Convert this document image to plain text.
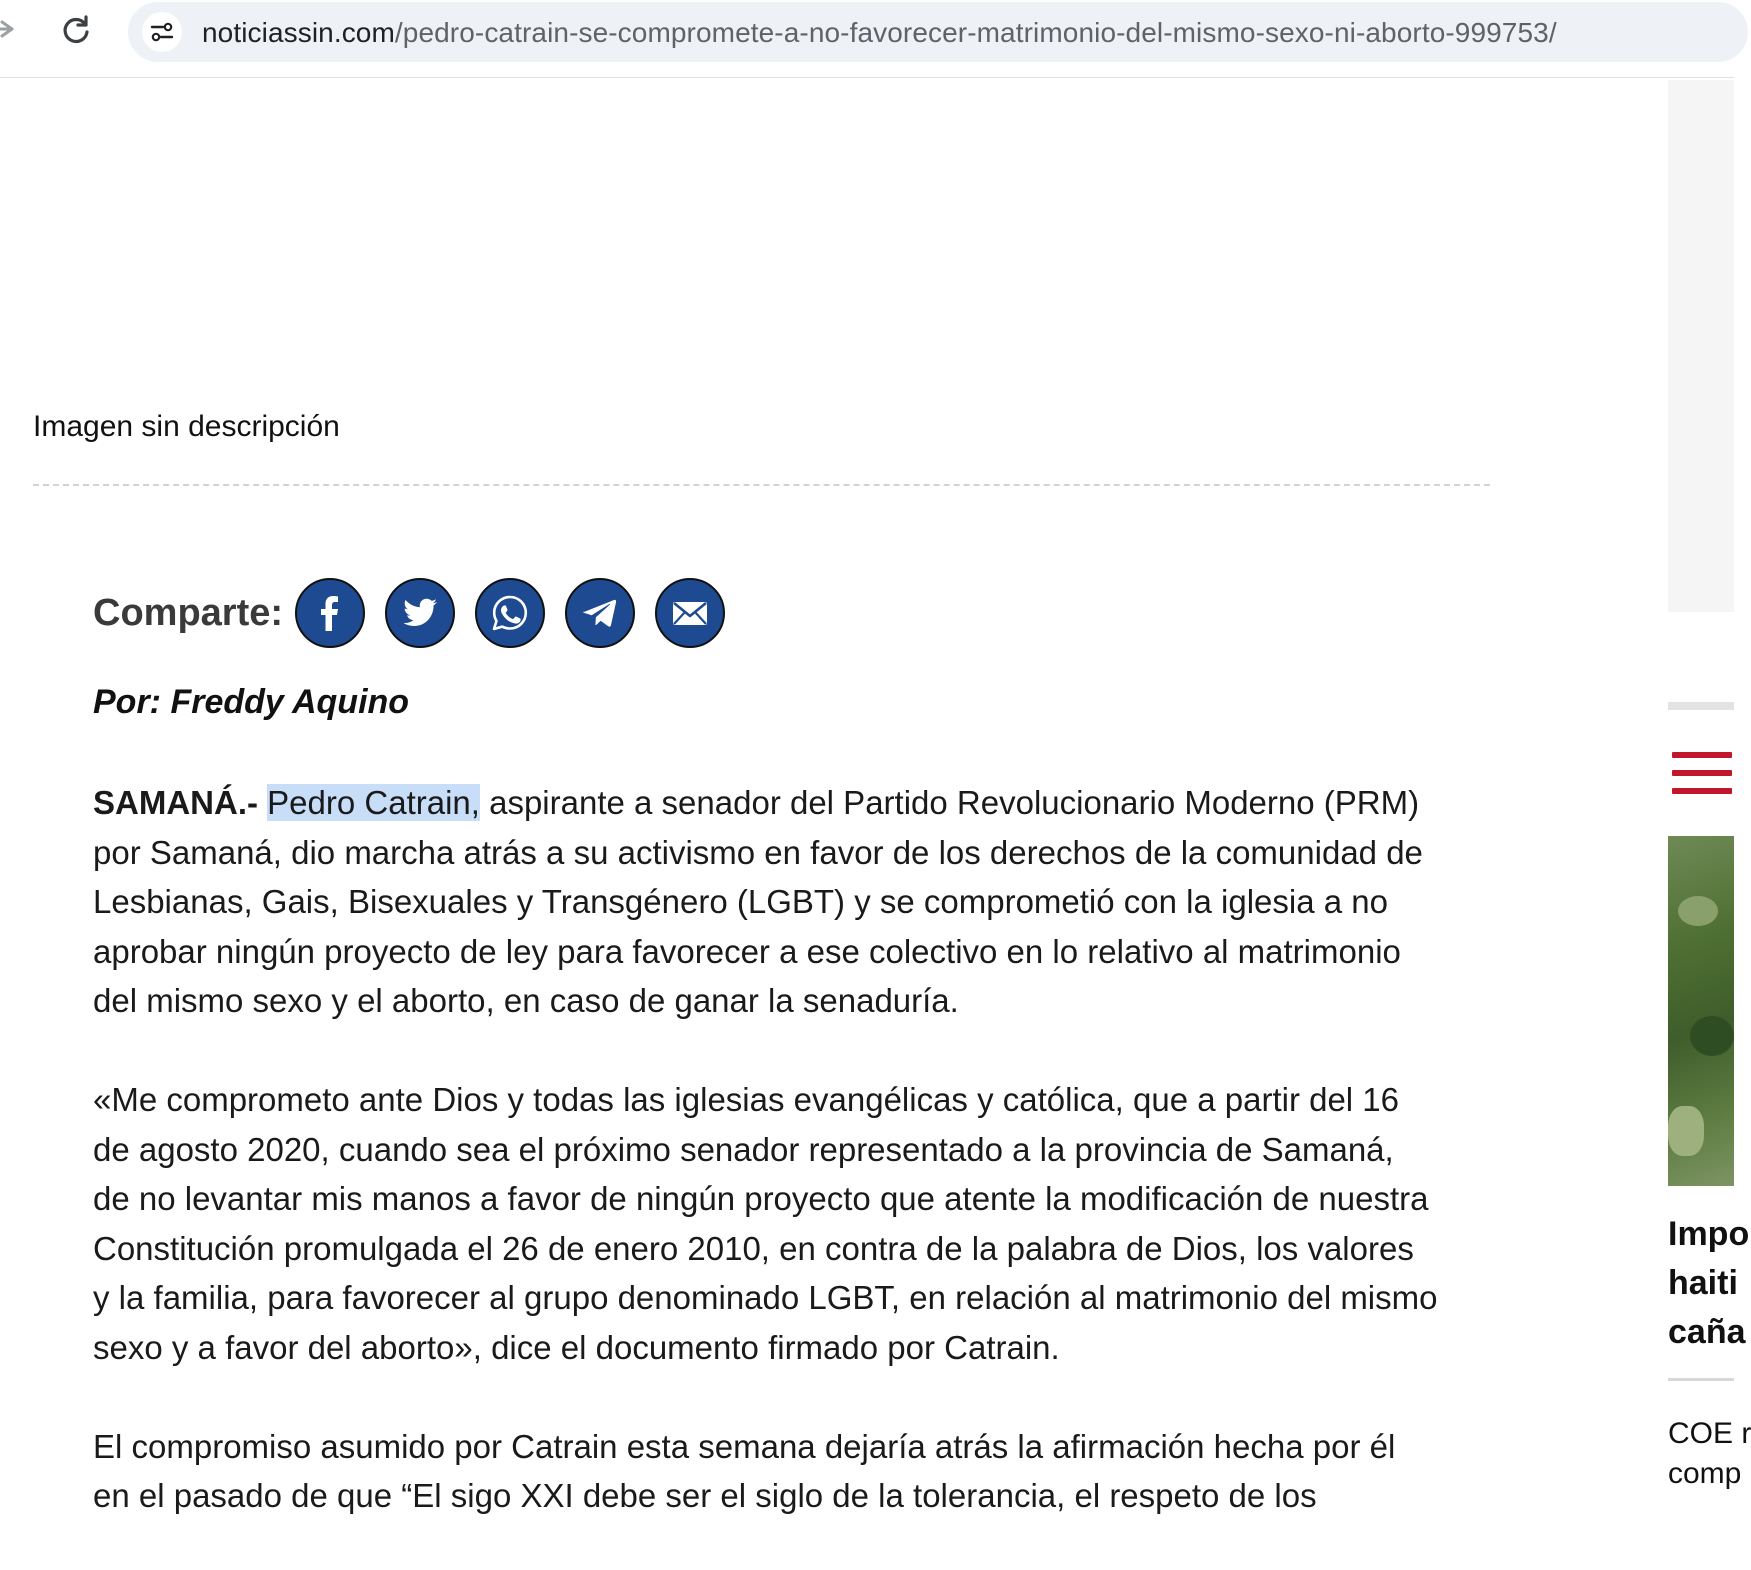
noticiassin.com/pedro-catrain-se-compromete-a-no-favorecer-matrimonio-del-mismo-sexo-ni-aborto-999753/
Imagen sin descripción
Comparte:
Por: Freddy Aquino

SAMANÁ.- Pedro Catrain, aspirante a senador del Partido Revolucionario Moderno (PRM) por Samaná, dio marcha atrás a su activismo en favor de los derechos de la comunidad de Lesbianas, Gais, Bisexuales y Transgénero (LGBT) y se comprometió con la iglesia a no aprobar ningún proyecto de ley para favorecer a ese colectivo en lo relativo al matrimonio del mismo sexo y el aborto, en caso de ganar la senaduría.

«Me comprometo ante Dios y todas las iglesias evangélicas y católica, que a partir del 16 de agosto 2020, cuando sea el próximo senador representado a la provincia de Samaná, de no levantar mis manos a favor de ningún proyecto que atente la modificación de nuestra Constitución promulgada el 26 de enero 2010, en contra de la palabra de Dios, los valores y la familia, para favorecer al grupo denominado LGBT, en relación al matrimonio del mismo sexo y a favor del aborto», dice el documento firmado por Catrain.

El compromiso asumido por Catrain esta semana dejaría atrás la afirmación hecha por él en el pasado de que “El sigo XXI debe ser el siglo de la tolerancia, el respeto de los

Impo
haiti
caña
COE r
comp
